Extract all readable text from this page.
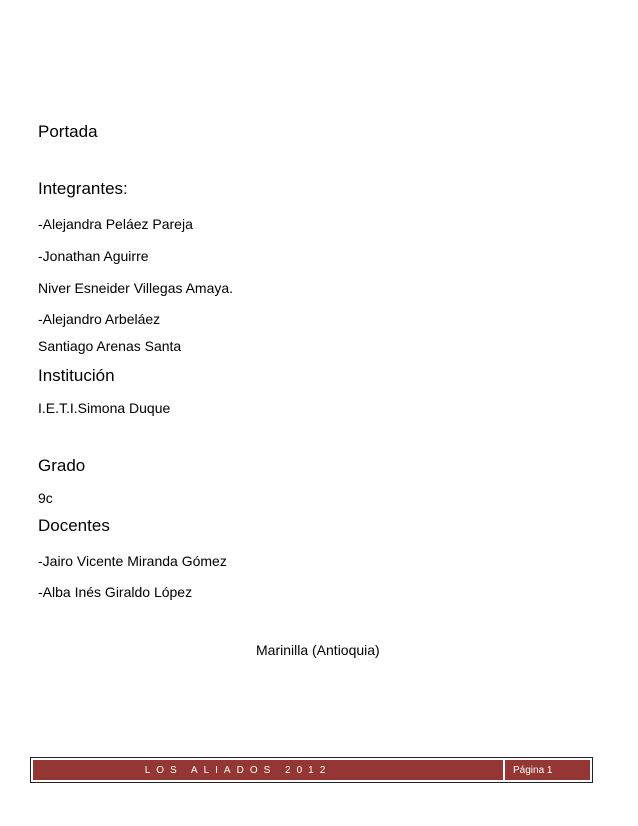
Portada
Integrantes:
-Alejandra Peláez Pareja
-Jonathan Aguirre
Niver Esneider Villegas Amaya.
-Alejandro Arbeláez
Santiago Arenas Santa
Institución
I.E.T.I.Simona Duque
Grado
9c
Docentes
-Jairo Vicente Miranda Gómez
-Alba Inés Giraldo López
Marinilla (Antioquia)
LOS ALIADOS 2012	Página 1
